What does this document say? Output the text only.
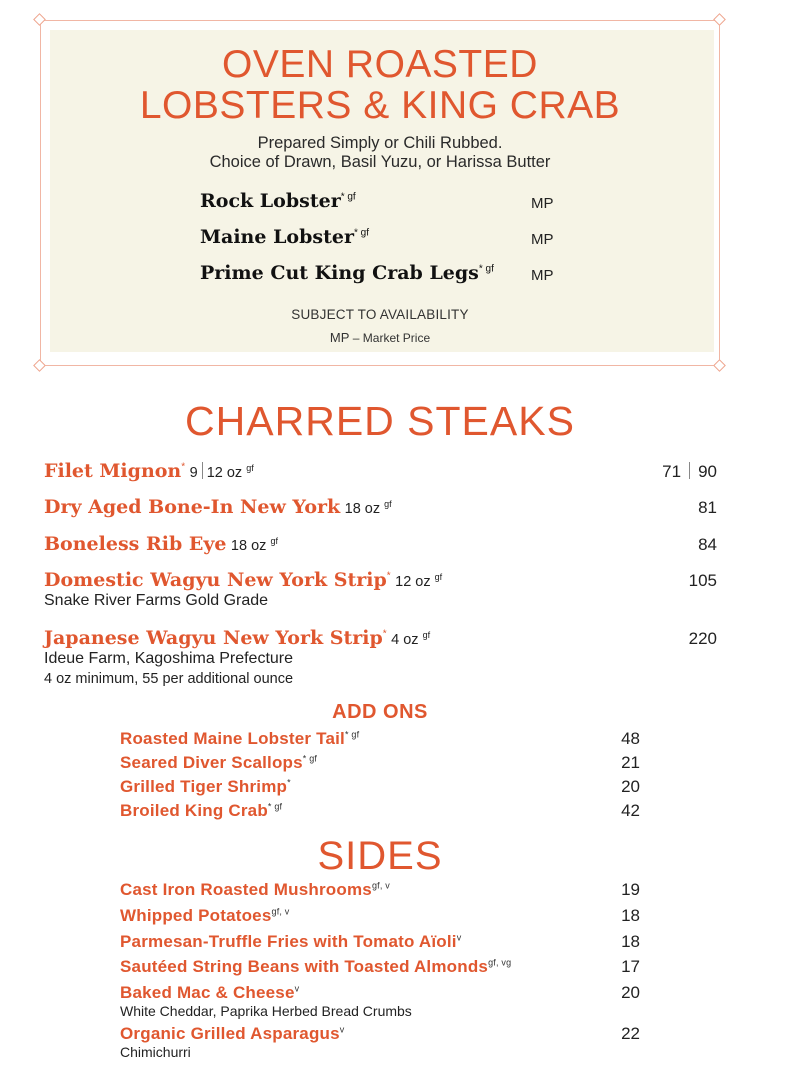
OVEN ROASTED
LOBSTERS & KING CRAB
Prepared Simply or Chili Rubbed.
Choice of Drawn, Basil Yuzu, or Harissa Butter
Rock Lobster$^{* gf}$	MP
Maine Lobster$^{* gf}$	MP
Prime Cut King Crab Legs$^{* gf}$ MP
SUBJECT TO AVAILABILITY
MP – Market Price
CHARRED STEAKS
Filet Mignon* 9 12 oz $^{gf}$	71 90
Dry Aged Bone-In New York 18 oz $^{gf}$	81
Boneless Rib Eye 18 oz $^{gf}$	84
Domestic Wagyu New York Strip* 12 oz $^{gf}$	105
Snake River Farms Gold Grade
Japanese Wagyu New York Strip* 4 oz $^{gf}$	220
Ideue Farm, Kagoshima Prefecture
4 oz minimum, 55 per additional ounce
ADD ONS
Roasted Maine Lobster Tail$^{* gf}$	48
Seared Diver Scallops$^{* gf}$	21
Grilled Tiger Shrimp*	20
Broiled King Crab$^{* gf}$	42
SIDES
Cast Iron Roasted Mushrooms$^{gf, v}$	19
Whipped Potatoes$^{gf, v}$	18
Parmesan-Truffle Fries with Tomato Aïoli$^v$	18
Sautéed String Beans with Toasted Almonds$^{gf, vg}$	17
Baked Mac & Cheese$^v$	20
White Cheddar, Paprika Herbed Bread Crumbs
Organic Grilled Asparagus$^v$	22
Chimichurri
